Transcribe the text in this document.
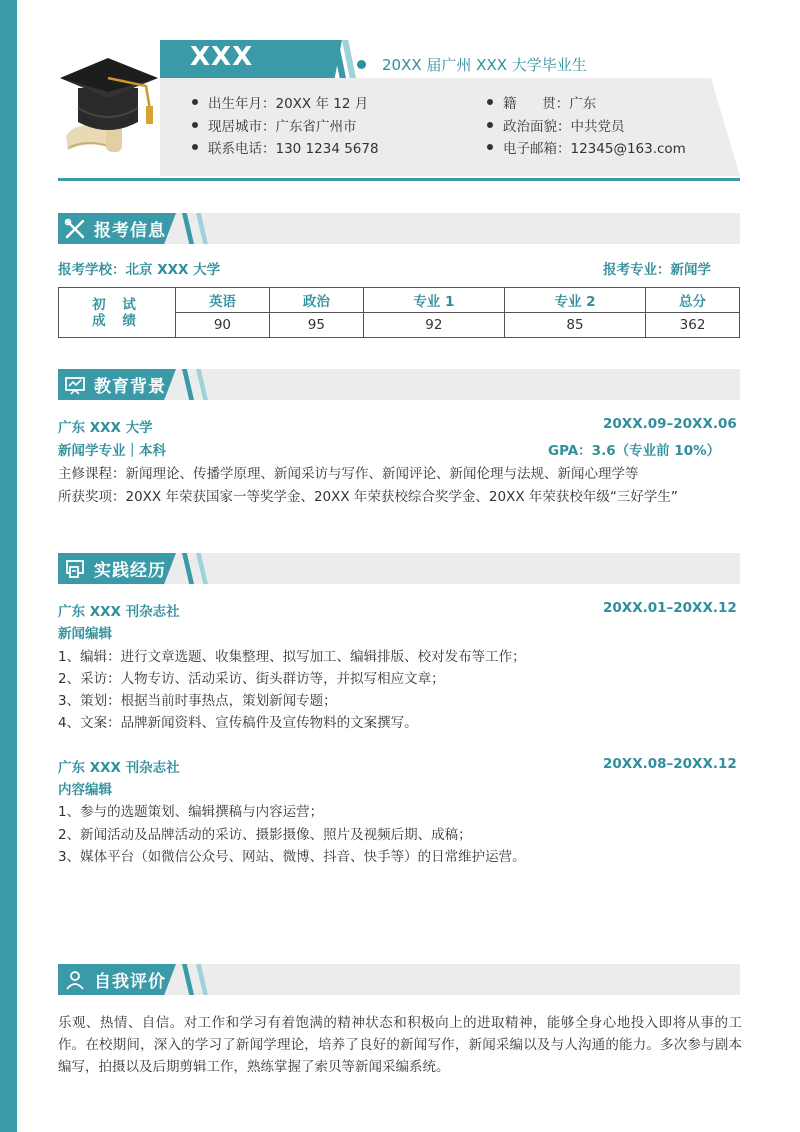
XXX	20XX 届广州 XXX 大学毕业生
出生年月：20XX 年 12 月
现居城市：广东省广州市
联系电话：130 1234 5678
籍      贯：广东
政治面貌：中共党员
电子邮箱：12345@163.com
报考信息
报考学校：北京 XXX 大学	报考专业：新闻学
初 试
成 绩	英语	政治	专业 1	专业 2	总分
	90	95	92	85	362
教育背景
广东 XXX 大学	20XX.09–20XX.06
新闻学专业｜本科	GPA：3.6（专业前 10%）
主修课程：新闻理论、传播学原理、新闻采访与写作、新闻评论、新闻伦理与法规、新闻心理学等
所获奖项：20XX 年荣获国家一等奖学金、20XX 年荣获校综合奖学金、20XX 年荣获校年级“三好学生”
实践经历
广东 XXX 刊杂志社	20XX.01–20XX.12
新闻编辑
1、编辑：进行文章选题、收集整理、拟写加工、编辑排版、校对发布等工作；
2、采访：人物专访、活动采访、街头群访等，并拟写相应文章；
3、策划：根据当前时事热点，策划新闻专题；
4、文案：品牌新闻资料、宣传稿件及宣传物料的文案撰写。
广东 XXX 刊杂志社	20XX.08–20XX.12
内容编辑
1、参与的选题策划、编辑撰稿与内容运营；
2、新闻活动及品牌活动的采访、摄影摄像、照片及视频后期、成稿；
3、媒体平台（如微信公众号、网站、微博、抖音、快手等）的日常维护运营。
自我评价
乐观、热情、自信。对工作和学习有着饱满的精神状态和积极向上的进取精神，能够全身心地投入即将从事的工作。在校期间，深入的学习了新闻学理论，培养了良好的新闻写作，新闻采编以及与人沟通的能力。多次参与剧本编写，拍摄以及后期剪辑工作，熟练掌握了索贝等新闻采编系统。
